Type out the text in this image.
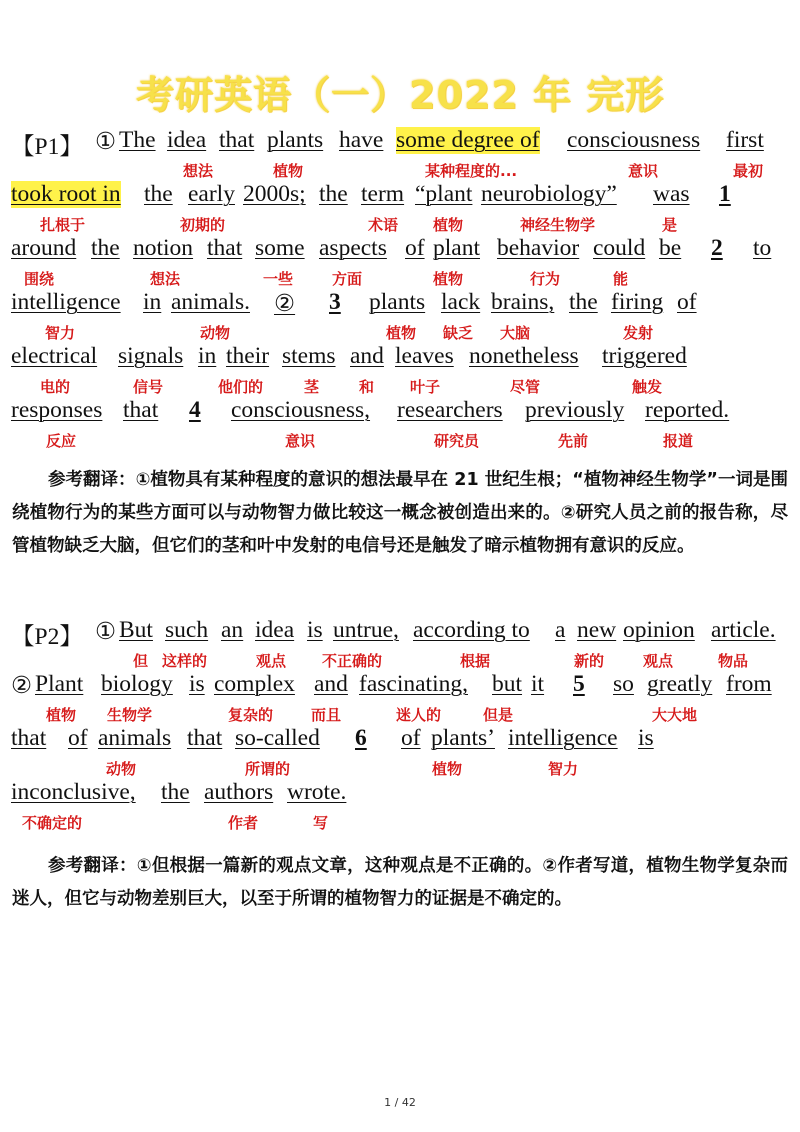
考研英语（一）2022 年 完形
【P1】 ① The idea that plants have some degree of consciousness first
想法	植物	某种程度的...	意识	最初
took root in the early 2000s; the term “plant neurobiology” was 1
扎根于	初期的	术语 植物	神经生物学	是
around the notion that some aspects of plant behavior could be 2 to
围绕	想法	一些	方面	植物	行为	能
intelligence in animals. ② 3 plants lack brains, the firing of
智力	动物	植物 缺乏 大脑	发射
electrical signals in their stems and leaves nonetheless triggered
电的	信号	他们的	茎	和 叶子	尽管	触发
responses that 4 consciousness, researchers previously reported.
反应	意识	研究员	先前	报道
参考翻译：①植物具有某种程度的意识的想法最早在 21 世纪生根；“植物神经生物学”一词是围绕植物行为的某些方面可以与动物智力做比较这一概念被创造出来的。②研究人员之前的报告称，尽管植物缺乏大脑，但它们的茎和叶中发射的电信号还是触发了暗示植物拥有意识的反应。
【P2】 ① But such an idea is untrue, according to a new opinion article.
但 这样的	观点 不正确的	根据	新的	观点	物品
② Plant biology is complex and fascinating, but it 5 so greatly from
植物 生物学	复杂的	而且	迷人的	但是	大大地
that of animals that so-called 6 of plants’ intelligence is
动物	所谓的	植物	智力
inconclusive, the authors wrote.
不确定的	作者	写
参考翻译：①但根据一篇新的观点文章，这种观点是不正确的。②作者写道，植物生物学复杂而迷人，但它与动物差别巨大，以至于所谓的植物智力的证据是不确定的。
1 / 42
